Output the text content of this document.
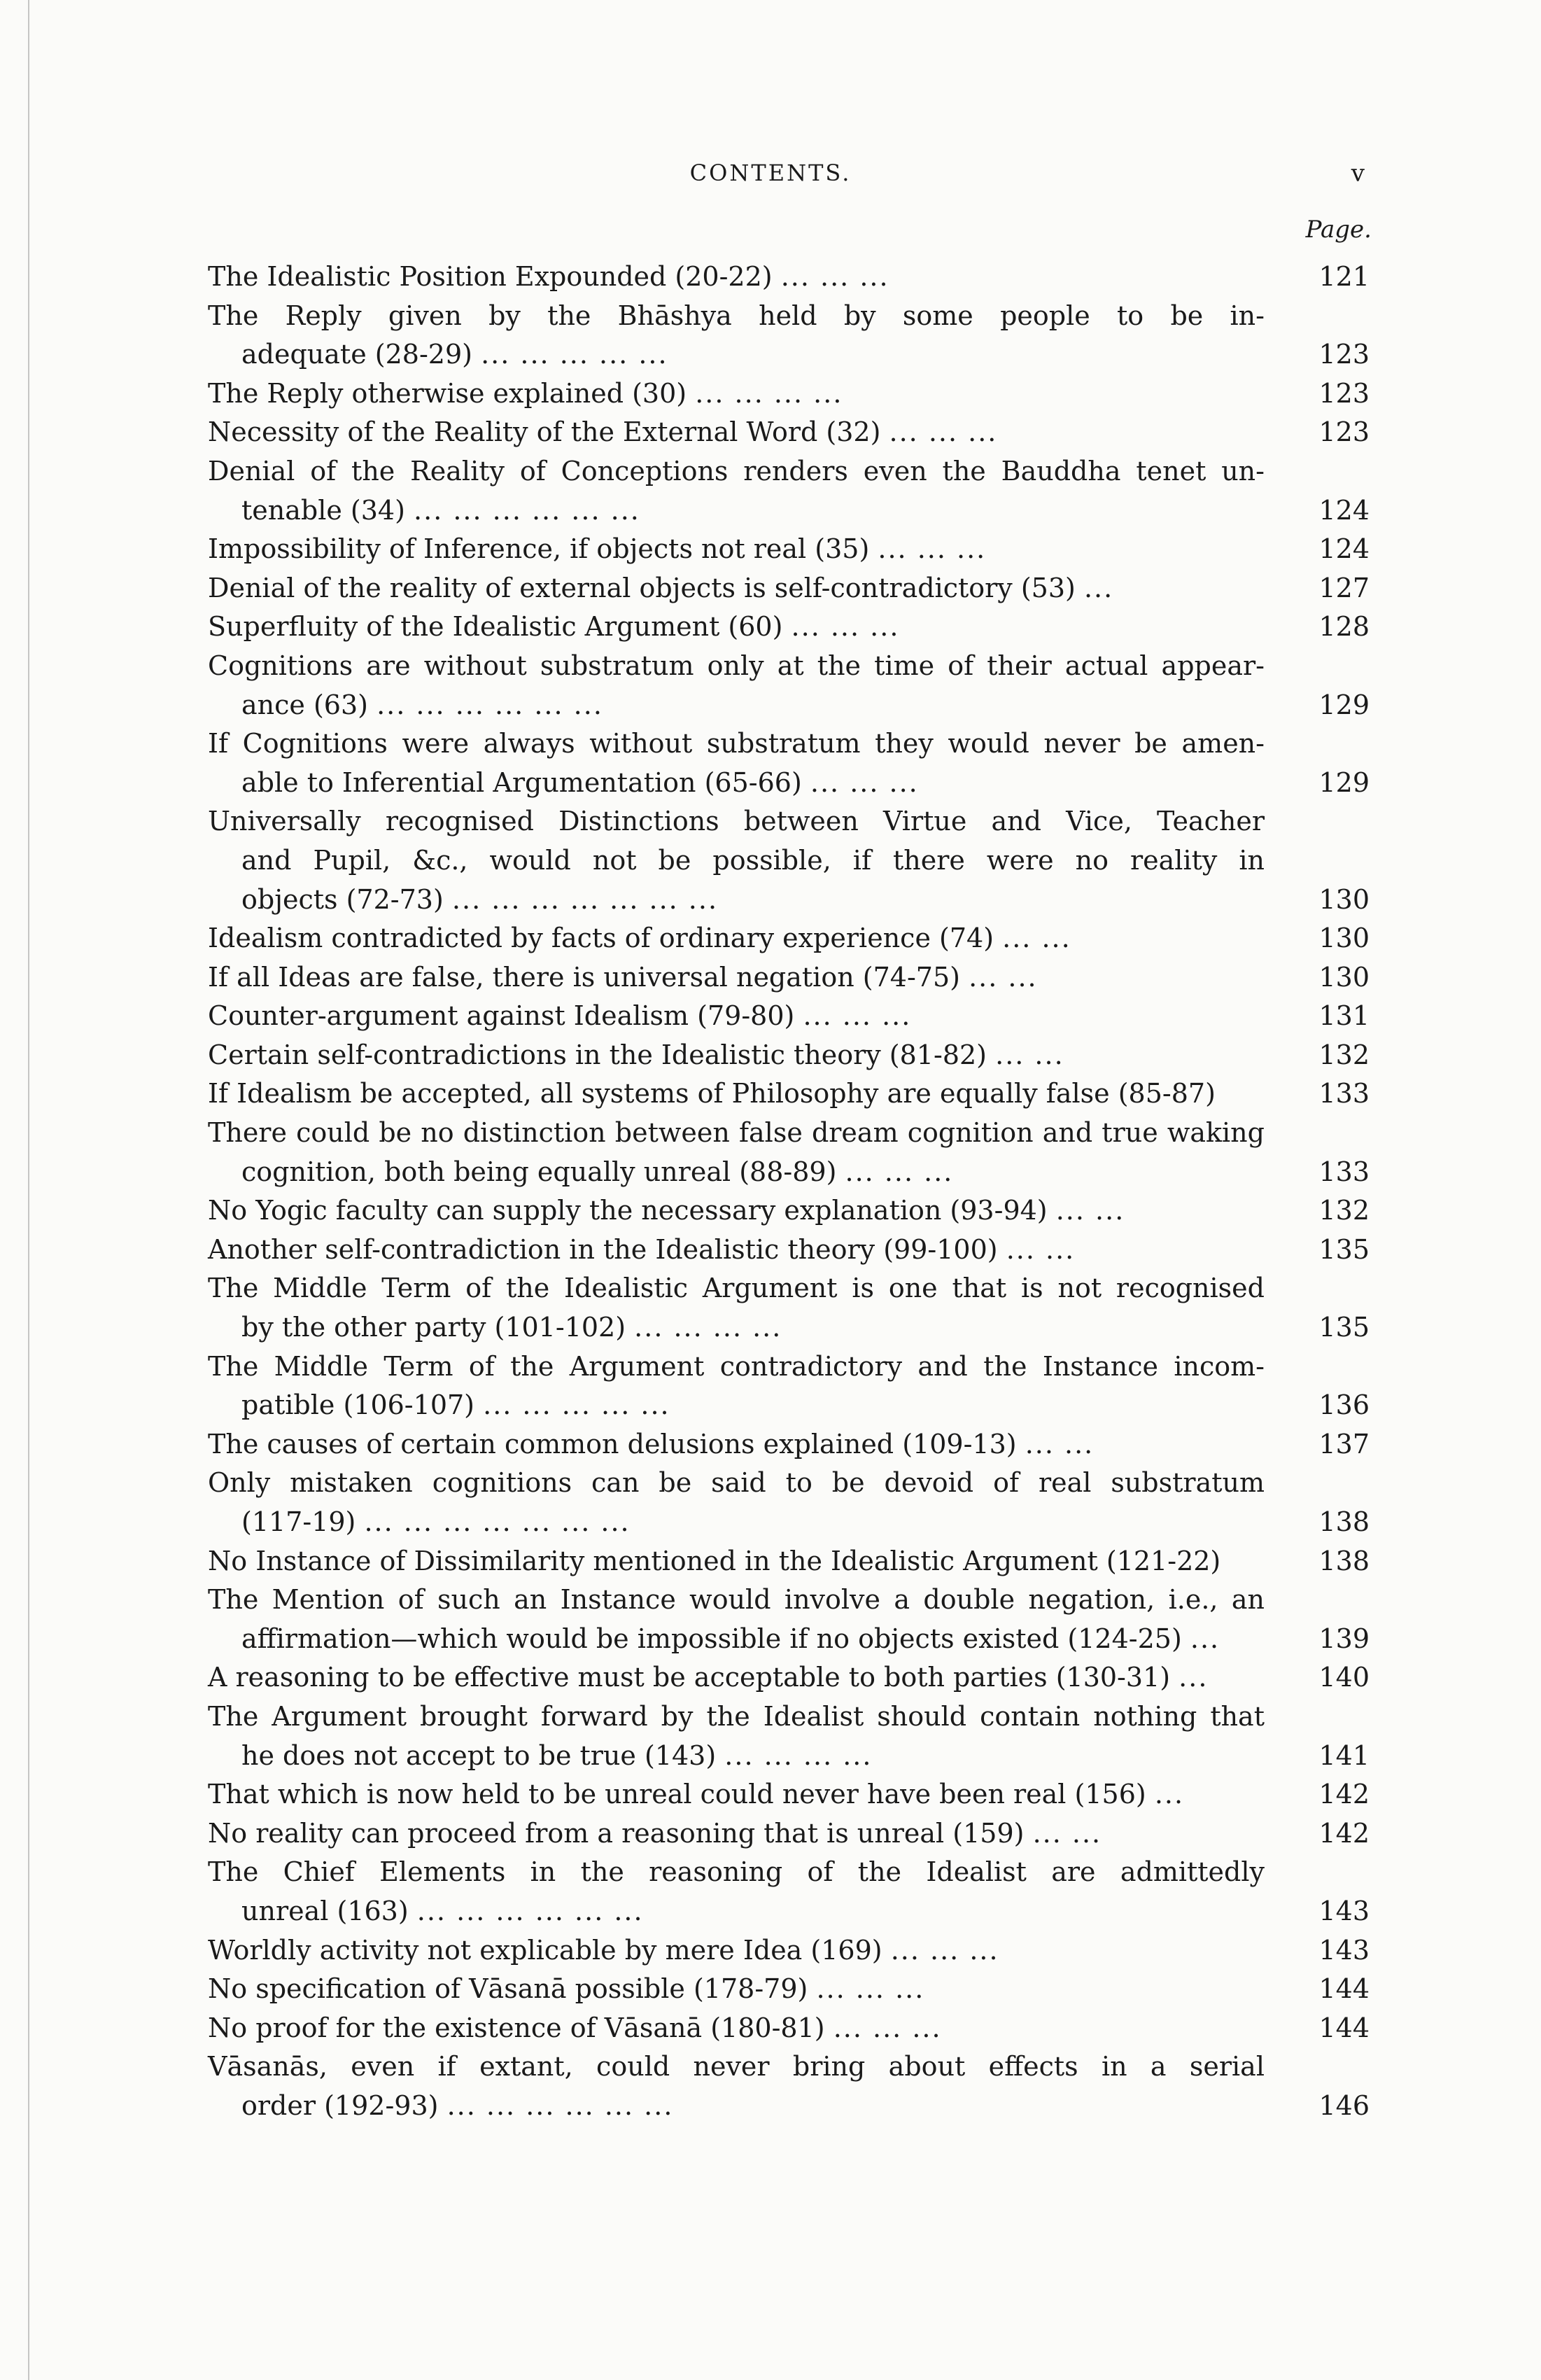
CONTENTS.	v
Page.
The Idealistic Position Expounded (20-22) ... ... ...	121
The Reply given by the Bhāshya held by some people to be in-
adequate (28-29) ... ... ... ... ...	123
The Reply otherwise explained (30) ... ... ... ...	123
Necessity of the Reality of the External Word (32) ... ... ...	123
Denial of the Reality of Conceptions renders even the Bauddha tenet un-
tenable (34) ... ... ... ... ... ...	124
Impossibility of Inference, if objects not real (35) ... ... ...	124
Denial of the reality of external objects is self-contradictory (53) ...	127
Superfluity of the Idealistic Argument (60) ... ... ...	128
Cognitions are without substratum only at the time of their actual appear-
ance (63) ... ... ... ... ... ...	129
If Cognitions were always without substratum they would never be amen-
able to Inferential Argumentation (65-66) ... ... ...	129
Universally recognised Distinctions between Virtue and Vice, Teacher
and Pupil, &c., would not be possible, if there were no reality in
objects (72-73) ... ... ... ... ... ... ...	130
Idealism contradicted by facts of ordinary experience (74) ... ...	130
If all Ideas are false, there is universal negation (74-75) ... ...	130
Counter-argument against Idealism (79-80) ... ... ...	131
Certain self-contradictions in the Idealistic theory (81-82) ... ...	132
If Idealism be accepted, all systems of Philosophy are equally false (85-87)	133
There could be no distinction between false dream cognition and true waking
cognition, both being equally unreal (88-89) ... ... ...	133
No Yogic faculty can supply the necessary explanation (93-94) ... ...	132
Another self-contradiction in the Idealistic theory (99-100) ... ...	135
The Middle Term of the Idealistic Argument is one that is not recognised
by the other party (101-102) ... ... ... ...	135
The Middle Term of the Argument contradictory and the Instance incom-
patible (106-107) ... ... ... ... ...	136
The causes of certain common delusions explained (109-13) ... ...	137
Only mistaken cognitions can be said to be devoid of real substratum
(117-19) ... ... ... ... ... ... ...	138
No Instance of Dissimilarity mentioned in the Idealistic Argument (121-22)	138
The Mention of such an Instance would involve a double negation, i.e., an
affirmation—which would be impossible if no objects existed (124-25) ...	139
A reasoning to be effective must be acceptable to both parties (130-31) ...	140
The Argument brought forward by the Idealist should contain nothing that
he does not accept to be true (143) ... ... ... ...	141
That which is now held to be unreal could never have been real (156) ...	142
No reality can proceed from a reasoning that is unreal (159) ... ...	142
The Chief Elements in the reasoning of the Idealist are admittedly
unreal (163) ... ... ... ... ... ...	143
Worldly activity not explicable by mere Idea (169) ... ... ...	143
No specification of Vāsanā possible (178-79) ... ... ...	144
No proof for the existence of Vāsanā (180-81) ... ... ...	144
Vāsanās, even if extant, could never bring about effects in a serial
order (192-93) ... ... ... ... ... ...	146
